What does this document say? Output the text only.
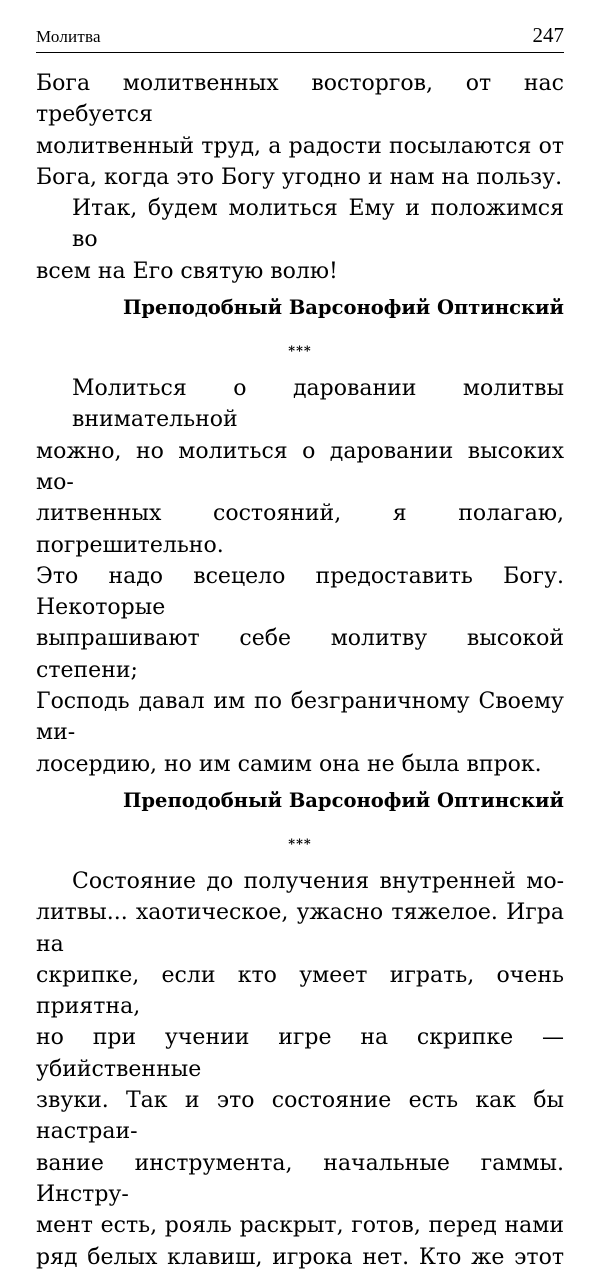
Молитва	247
Бога молитвенных восторгов, от нас требуется
молитвенный труд, а радости посылаются от
Бога, когда это Богу угодно и нам на пользу.
Итак, будем молиться Ему и положимся во
всем на Его святую волю!

Преподобный Варсонофий Оптинский

***
Молиться о даровании молитвы внимательной
можно, но молиться о даровании высоких мо-
литвенных состояний, я полагаю, погрешительно.
Это надо всецело предоставить Богу. Некоторые
выпрашивают себе молитву высокой степени;
Господь давал им по безграничному Своему ми-
лосердию, но им самим она не была впрок.

Преподобный Варсонофий Оптинский

***
Состояние до получения внутренней мо-
литвы... хаотическое, ужасно тяжелое. Игра на
скрипке, если кто умеет играть, очень приятна,
но при учении игре на скрипке — убийственные
звуки. Так и это состояние есть как бы настраи-
вание инструмента, начальные гаммы. Инстру-
мент есть, рояль раскрыт, готов, перед нами
ряд белых клавиш, игрока нет. Кто же этот
